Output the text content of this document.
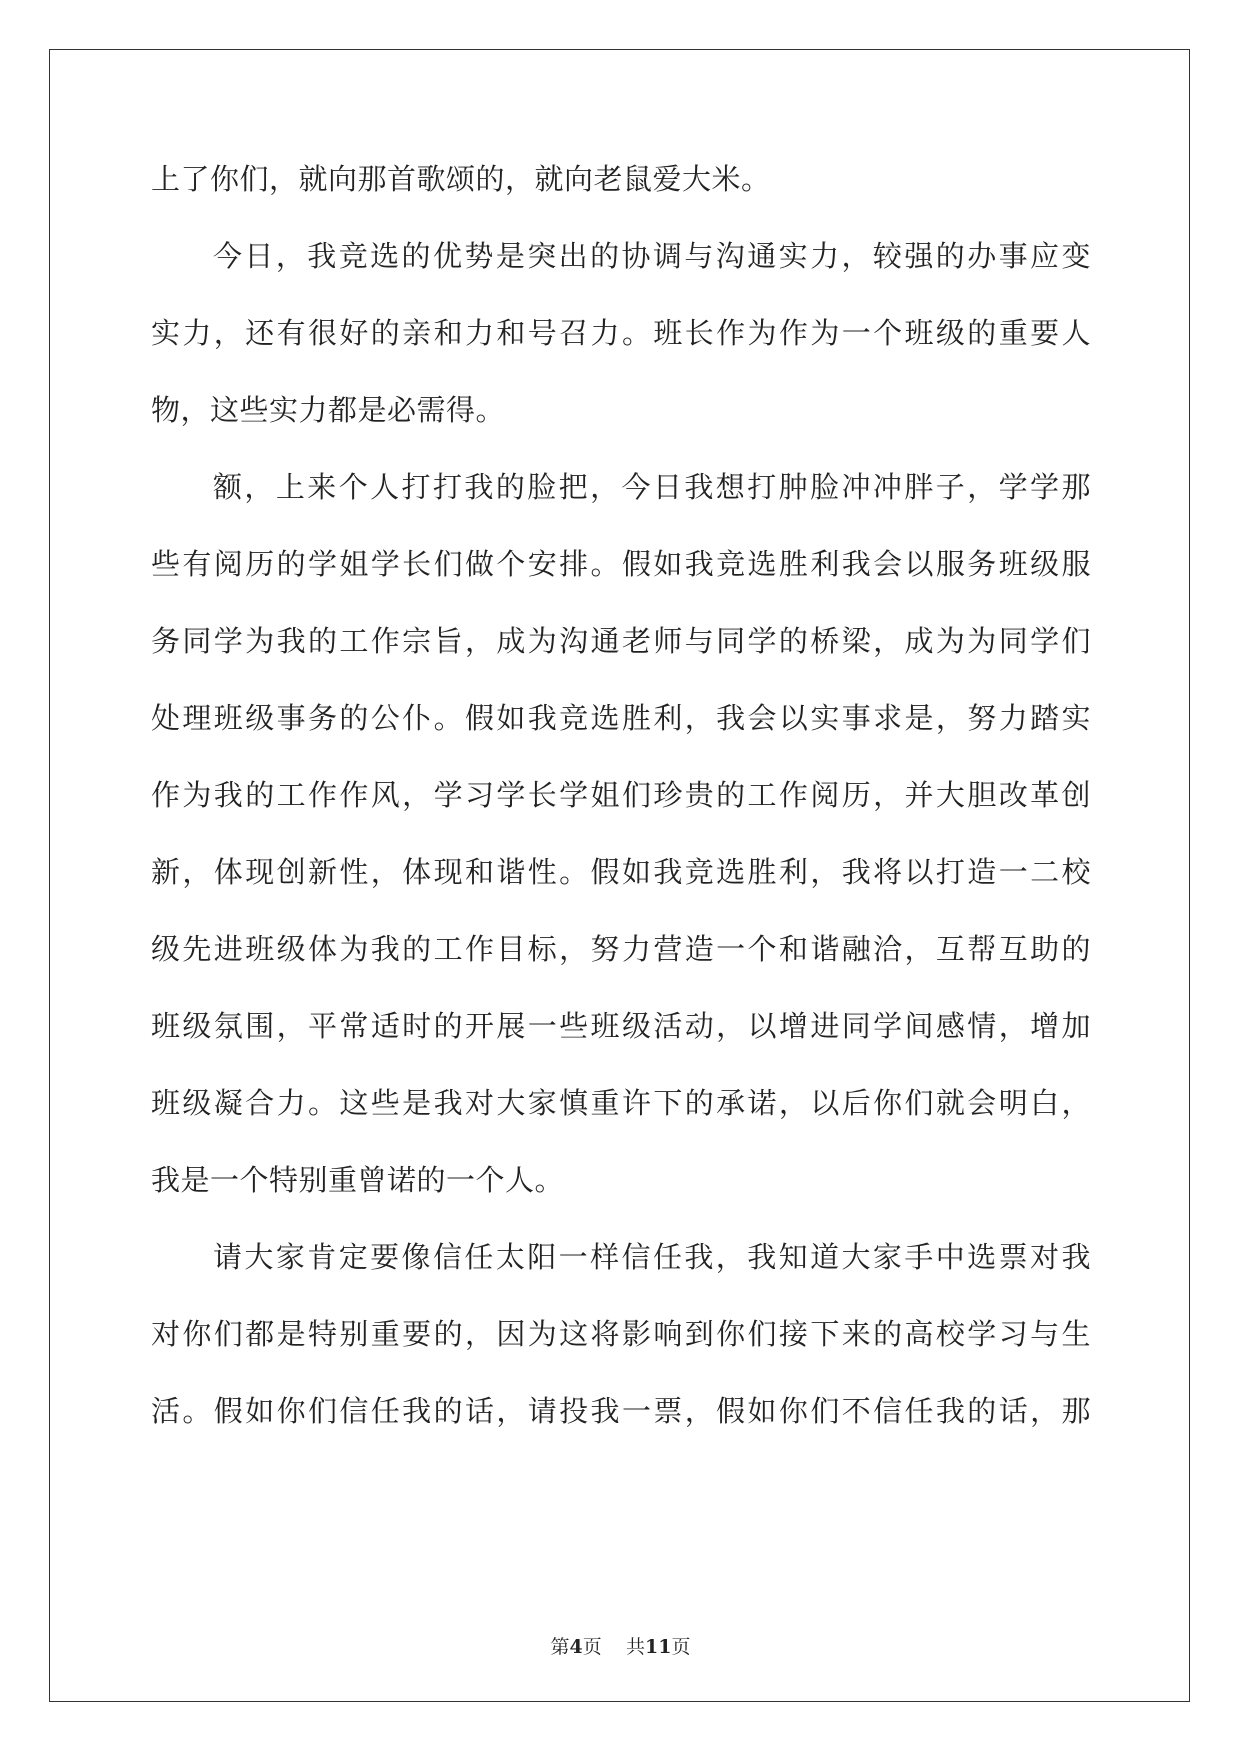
上了你们，就向那首歌颂的，就向老鼠爱大米。
今日，我竞选的优势是突出的协调与沟通实力，较强的办事应变
实力，还有很好的亲和力和号召力。班长作为作为一个班级的重要人
物，这些实力都是必需得。
额，上来个人打打我的脸把，今日我想打肿脸冲冲胖子，学学那
些有阅历的学姐学长们做个安排。假如我竞选胜利我会以服务班级服
务同学为我的工作宗旨，成为沟通老师与同学的桥梁，成为为同学们
处理班级事务的公仆。假如我竞选胜利，我会以实事求是，努力踏实
作为我的工作作风，学习学长学姐们珍贵的工作阅历，并大胆改革创
新，体现创新性，体现和谐性。假如我竞选胜利，我将以打造一二校
级先进班级体为我的工作目标，努力营造一个和谐融洽，互帮互助的
班级氛围，平常适时的开展一些班级活动，以增进同学间感情，增加
班级凝合力。这些是我对大家慎重许下的承诺，以后你们就会明白，
我是一个特别重曾诺的一个人。
请大家肯定要像信任太阳一样信任我，我知道大家手中选票对我
对你们都是特别重要的，因为这将影响到你们接下来的高校学习与生
活。假如你们信任我的话，请投我一票，假如你们不信任我的话，那
第4页 共11页
